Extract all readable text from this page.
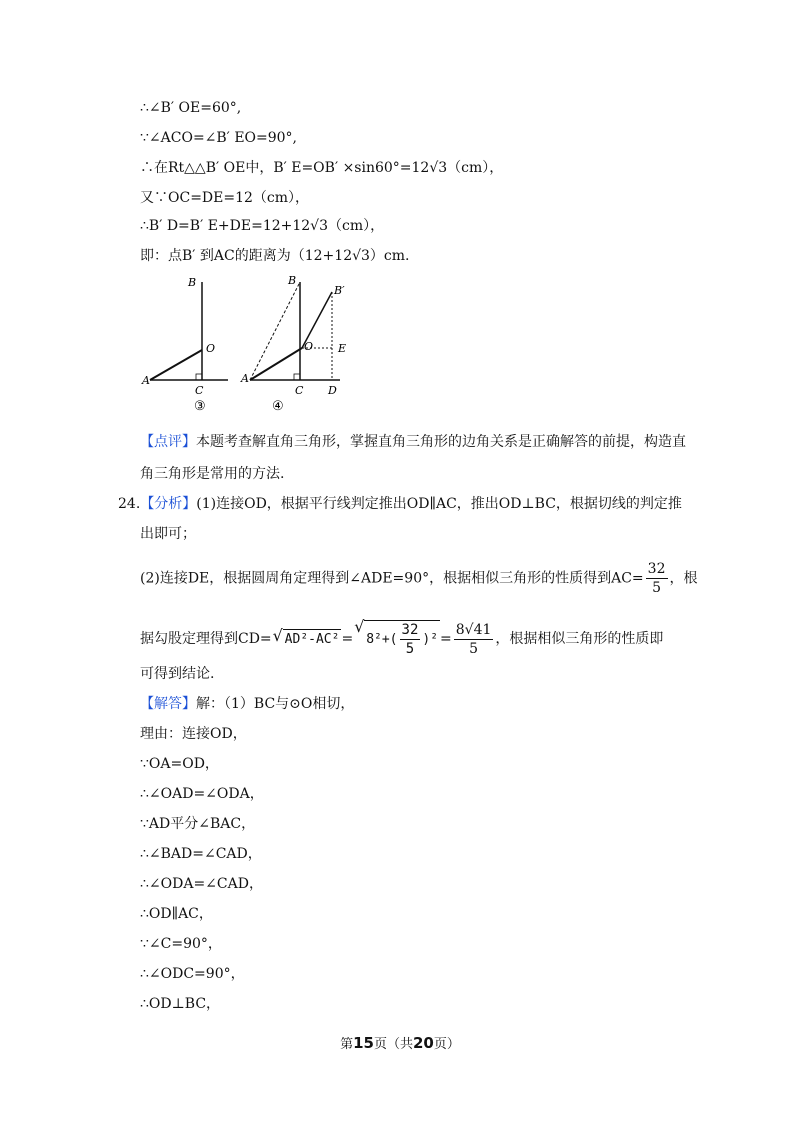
∴∠B′ OE=60°,
∵∠ACO=∠B′ EO=90°,
∴在Rt△△B′ OE中，B′ E=OB′ ×sin60°=12√3（cm），
又∵OC=DE=12（cm），
∴B′ D=B′ E+DE=12+12√3（cm），
即：点B′ 到AC的距离为（12+12√3）cm.
B
O
A
C
③
B
B′
O E
A
C D
④
【点评】本题考查解直角三角形，掌握直角三角形的边角关系是正确解答的前提，构造直
角三角形是常用的方法.
24.【分析】(1)连接OD，根据平行线判定推出OD∥AC，推出OD⊥BC，根据切线的判定推
出即可；
(2)连接DE，根据圆周角定理得到∠ADE=90°，根据相似三角形的性质得到$AC= \frac{32}{5}$ ，根
据勾股定理得到CD= √ AD²-AC² =
√
$8^2+( \frac{32}{5} )^2 = \frac{8√41}{5}$ ，根据相似三角形的性质即
可得到结论.
【解答】解：（1）BC与⊙O相切，
理由：连接OD，
∵OA=OD，
∴∠OAD=∠ODA，
∵AD平分∠BAC，
∴∠BAD=∠CAD，
∴∠ODA=∠CAD，
∴OD∥AC，
∵∠C=90°，
∴∠ODC=90°，
∴OD⊥BC，
第15页（共20页）
